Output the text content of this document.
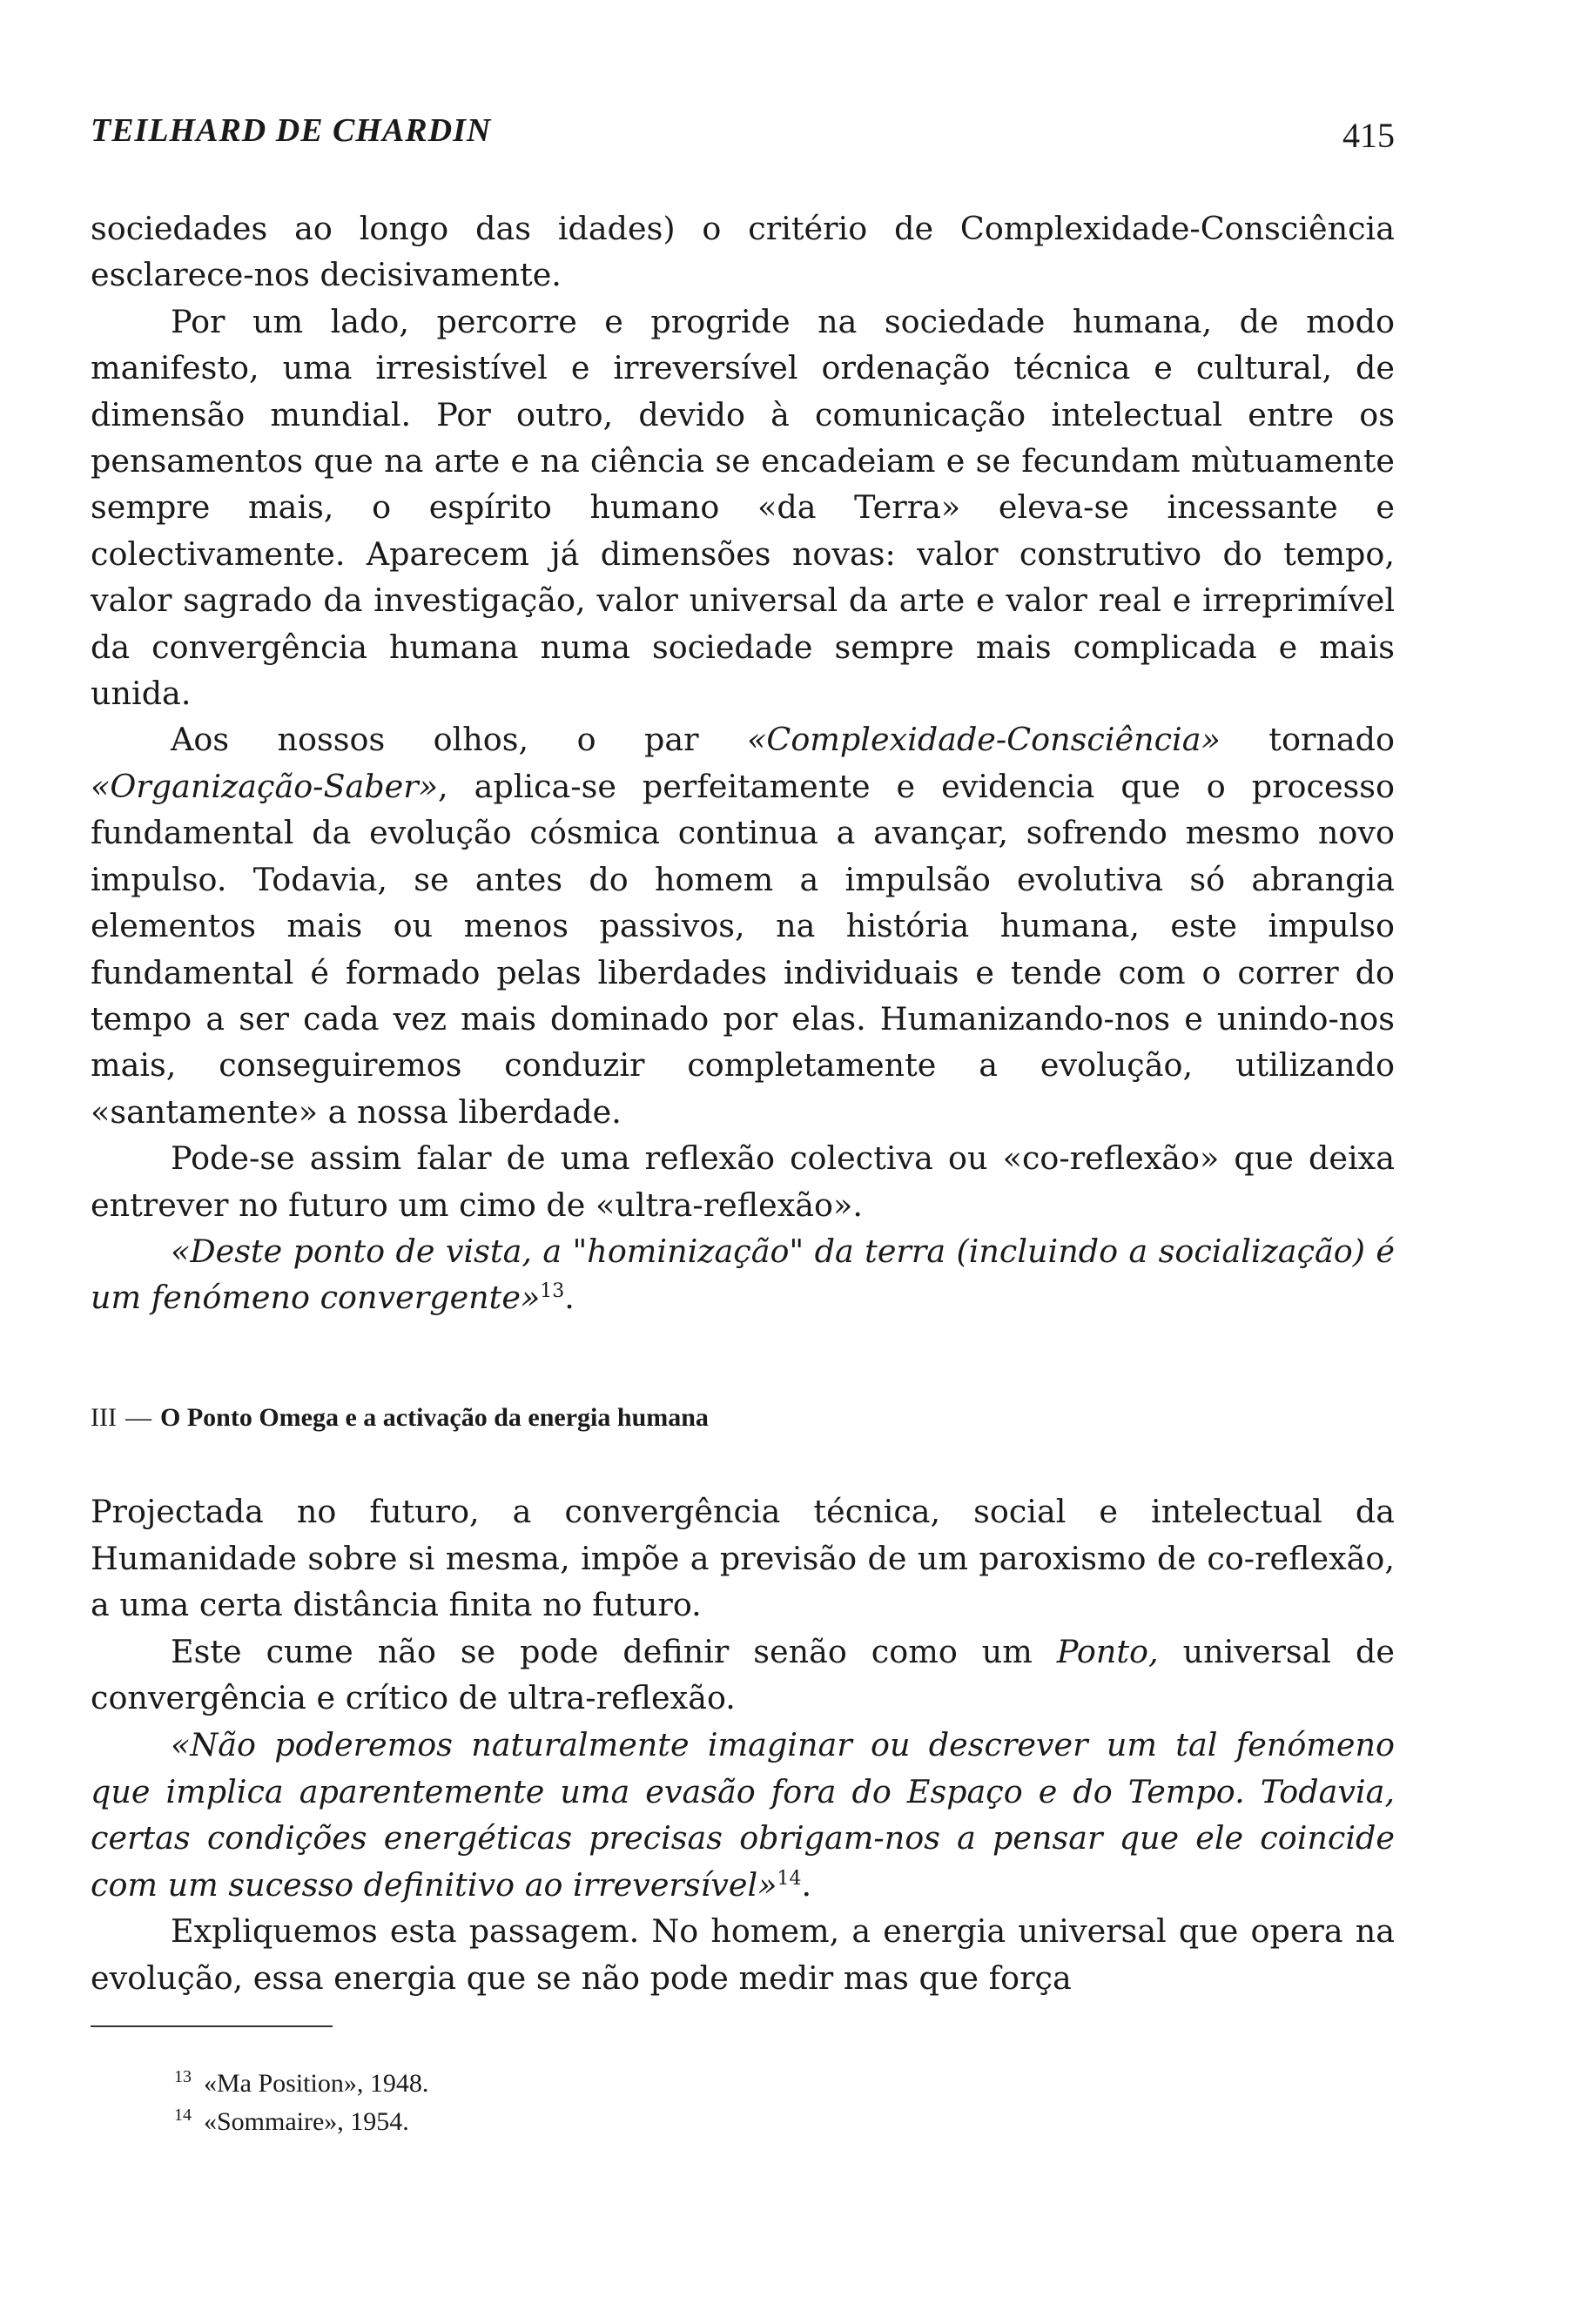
TEILHARD DE CHARDIN	415

sociedades ao longo das idades) o critério de Complexidade-Consciência esclarece-nos decisivamente.

Por um lado, percorre e progride na sociedade humana, de modo manifesto, uma irresistível e irreversível ordenação técnica e cultural, de dimensão mundial. Por outro, devido à comunicação intelectual entre os pensamentos que na arte e na ciência se encadeiam e se fecundam mùtuamente sempre mais, o espírito humano «da Terra» eleva-se incessante e colectivamente. Aparecem já dimensões novas: valor construtivo do tempo, valor sagrado da investigação, valor universal da arte e valor real e irreprimível da convergência humana numa sociedade sempre mais complicada e mais unida.

Aos nossos olhos, o par «Complexidade-Consciência» tornado «Organização-Saber», aplica-se perfeitamente e evidencia que o processo fundamental da evolução cósmica continua a avançar, sofrendo mesmo novo impulso. Todavia, se antes do homem a impulsão evolutiva só abrangia elementos mais ou menos passivos, na história humana, este impulso fundamental é formado pelas liberdades individuais e tende com o correr do tempo a ser cada vez mais dominado por elas. Humanizando-nos e unindo-nos mais, conseguiremos conduzir completamente a evolução, utilizando «santamente» a nossa liberdade.

Pode-se assim falar de uma reflexão colectiva ou «co-reflexão» que deixa entrever no futuro um cimo de «ultra-reflexão».

«Deste ponto de vista, a "hominização" da terra (incluindo a socialização) é um fenómeno convergente»$^{13}$.

III — O Ponto Omega e a activação da energia humana

Projectada no futuro, a convergência técnica, social e intelectual da Humanidade sobre si mesma, impõe a previsão de um paroxismo de co-reflexão, a uma certa distância finita no futuro.

Este cume não se pode definir senão como um Ponto, universal de convergência e crítico de ultra-reflexão.

«Não poderemos naturalmente imaginar ou descrever um tal fenómeno que implica aparentemente uma evasão fora do Espaço e do Tempo. Todavia, certas condições energéticas precisas obrigam-nos a pensar que ele coincide com um sucesso definitivo ao irreversível»$^{14}$.

Expliquemos esta passagem. No homem, a energia universal que opera na evolução, essa energia que se não pode medir mas que força

$^{13}$ «Ma Position», 1948.
$^{14}$ «Sommaire», 1954.
